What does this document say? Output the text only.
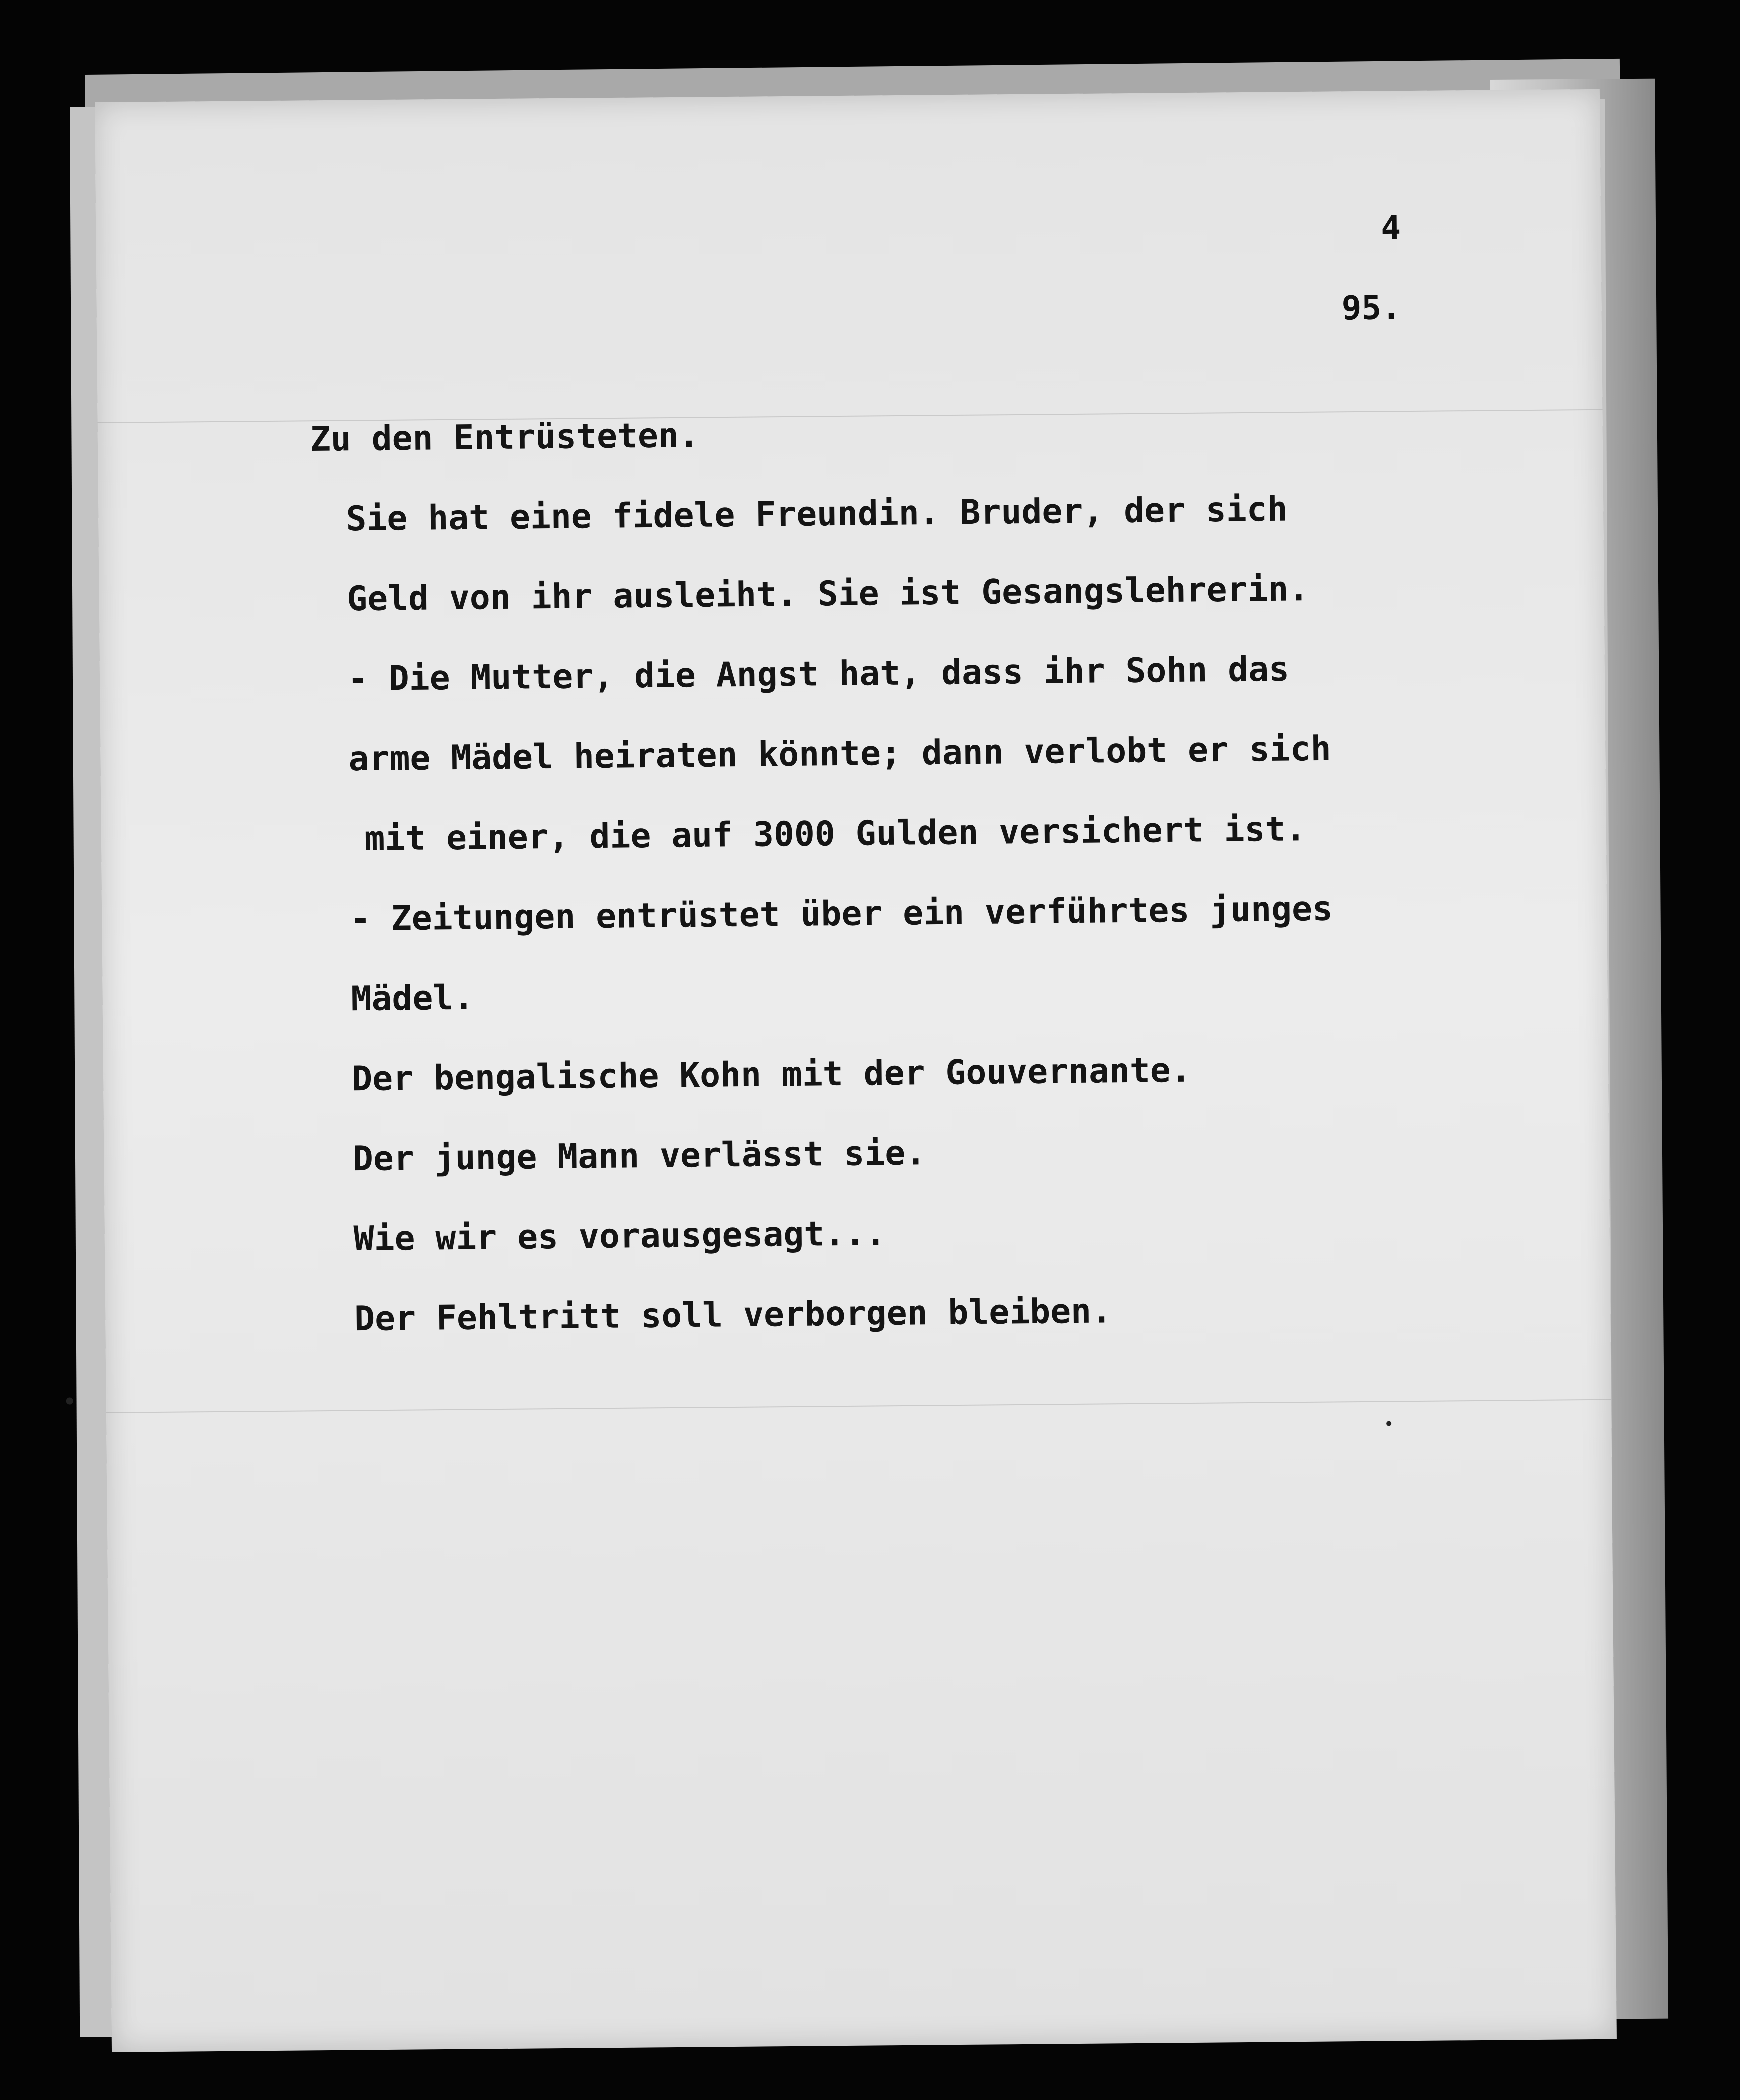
4
95.
Zu den Entrüsteten.
Sie hat eine fidele Freundin. Bruder, der sich
Geld von ihr ausleiht. Sie ist Gesangslehrerin.
- Die Mutter, die Angst hat, dass ihr Sohn das
arme Mädel heiraten könnte; dann verlobt er sich
mit einer, die auf 3000 Gulden versichert ist.
- Zeitungen entrüstet über ein verführtes junges
Mädel.
Der bengalische Kohn mit der Gouvernante.
Der junge Mann verlässt sie.
Wie wir es vorausgesagt...
Der Fehltritt soll verborgen bleiben.
